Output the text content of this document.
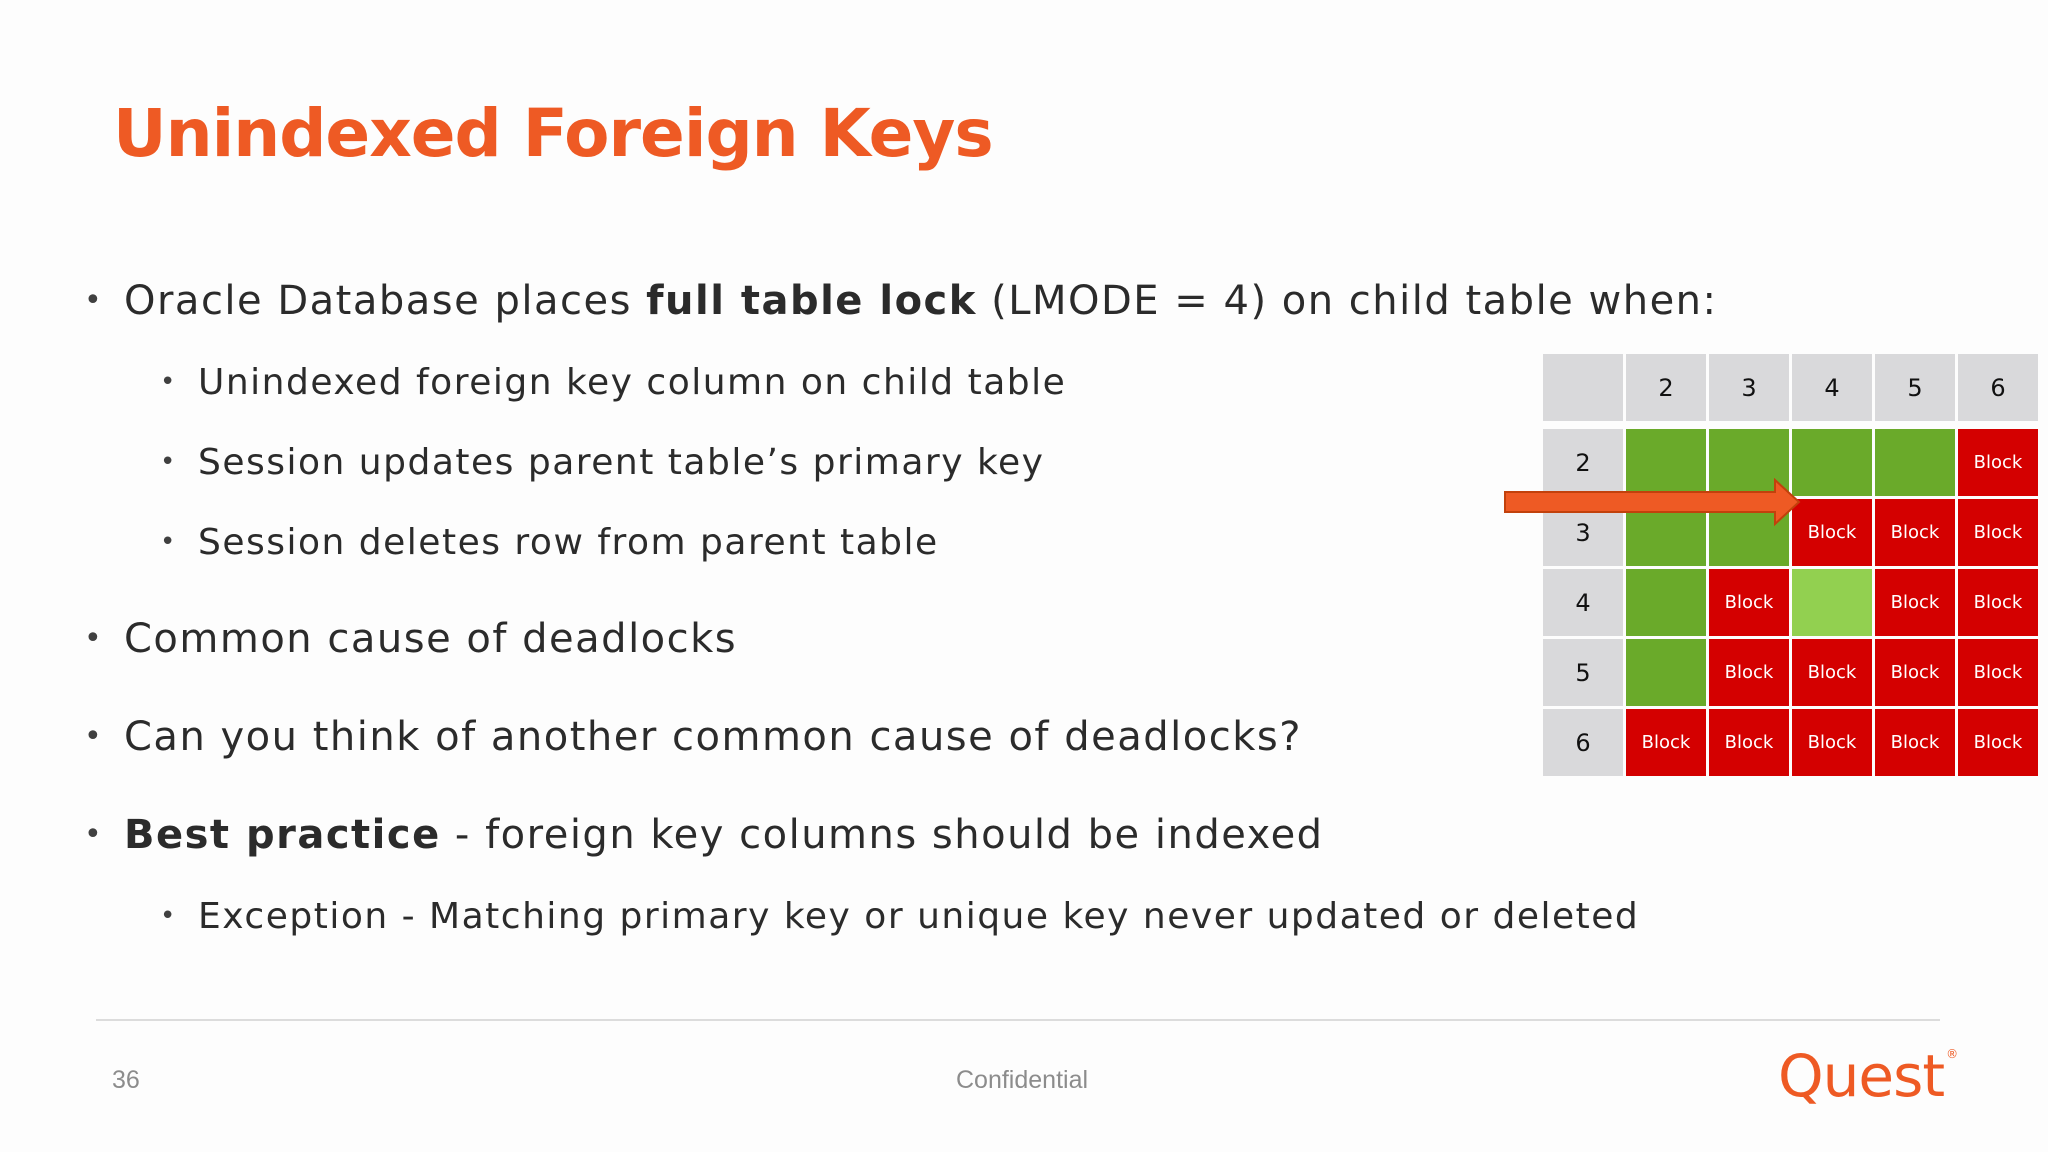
Unindexed Foreign Keys
• Oracle Database places full table lock (LMODE = 4) on child table when:
• Unindexed foreign key column on child table
• Session updates parent table’s primary key
• Session deletes row from parent table
• Common cause of deadlocks
• Can you think of another common cause of deadlocks?
• Best practice - foreign key columns should be indexed
• Exception - Matching primary key or unique key never updated or deleted
	2	3	4	5	6

2					Block
3			Block	Block	Block
4		Block		Block	Block
5		Block	Block	Block	Block
6	Block	Block	Block	Block	Block
36	Confidential	Quest ®
